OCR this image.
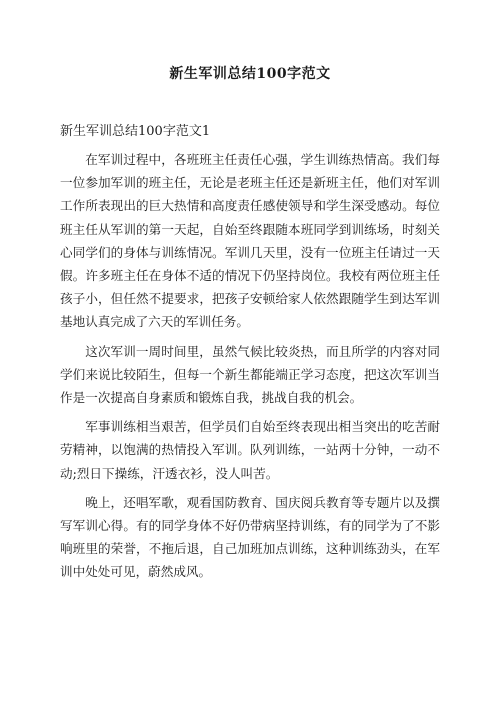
新生军训总结100字范文
新生军训总结100字范文1

在军训过程中，各班班主任责任心强，学生训练热情高。我们每一位参加军训的班主任，无论是老班主任还是新班主任，他们对军训工作所表现出的巨大热情和高度责任感使领导和学生深受感动。每位班主任从军训的第一天起，自始至终跟随本班同学到训练场，时刻关心同学们的身体与训练情况。军训几天里，没有一位班主任请过一天假。许多班主任在身体不适的情况下仍坚持岗位。我校有两位班主任孩子小，但任然不提要求，把孩子安顿给家人依然跟随学生到达军训基地认真完成了六天的军训任务。

这次军训一周时间里，虽然气候比较炎热，而且所学的内容对同学们来说比较陌生，但每一个新生都能端正学习态度，把这次军训当作是一次提高自身素质和锻炼自我，挑战自我的机会。

军事训练相当艰苦，但学员们自始至终表现出相当突出的吃苦耐劳精神，以饱满的热情投入军训。队列训练，一站两十分钟，一动不动;烈日下操练，汗透衣衫，没人叫苦。

晚上，还唱军歌，观看国防教育、国庆阅兵教育等专题片以及撰写军训心得。有的同学身体不好仍带病坚持训练，有的同学为了不影响班里的荣誉，不拖后退，自己加班加点训练，这种训练劲头，在军训中处处可见，蔚然成风。
